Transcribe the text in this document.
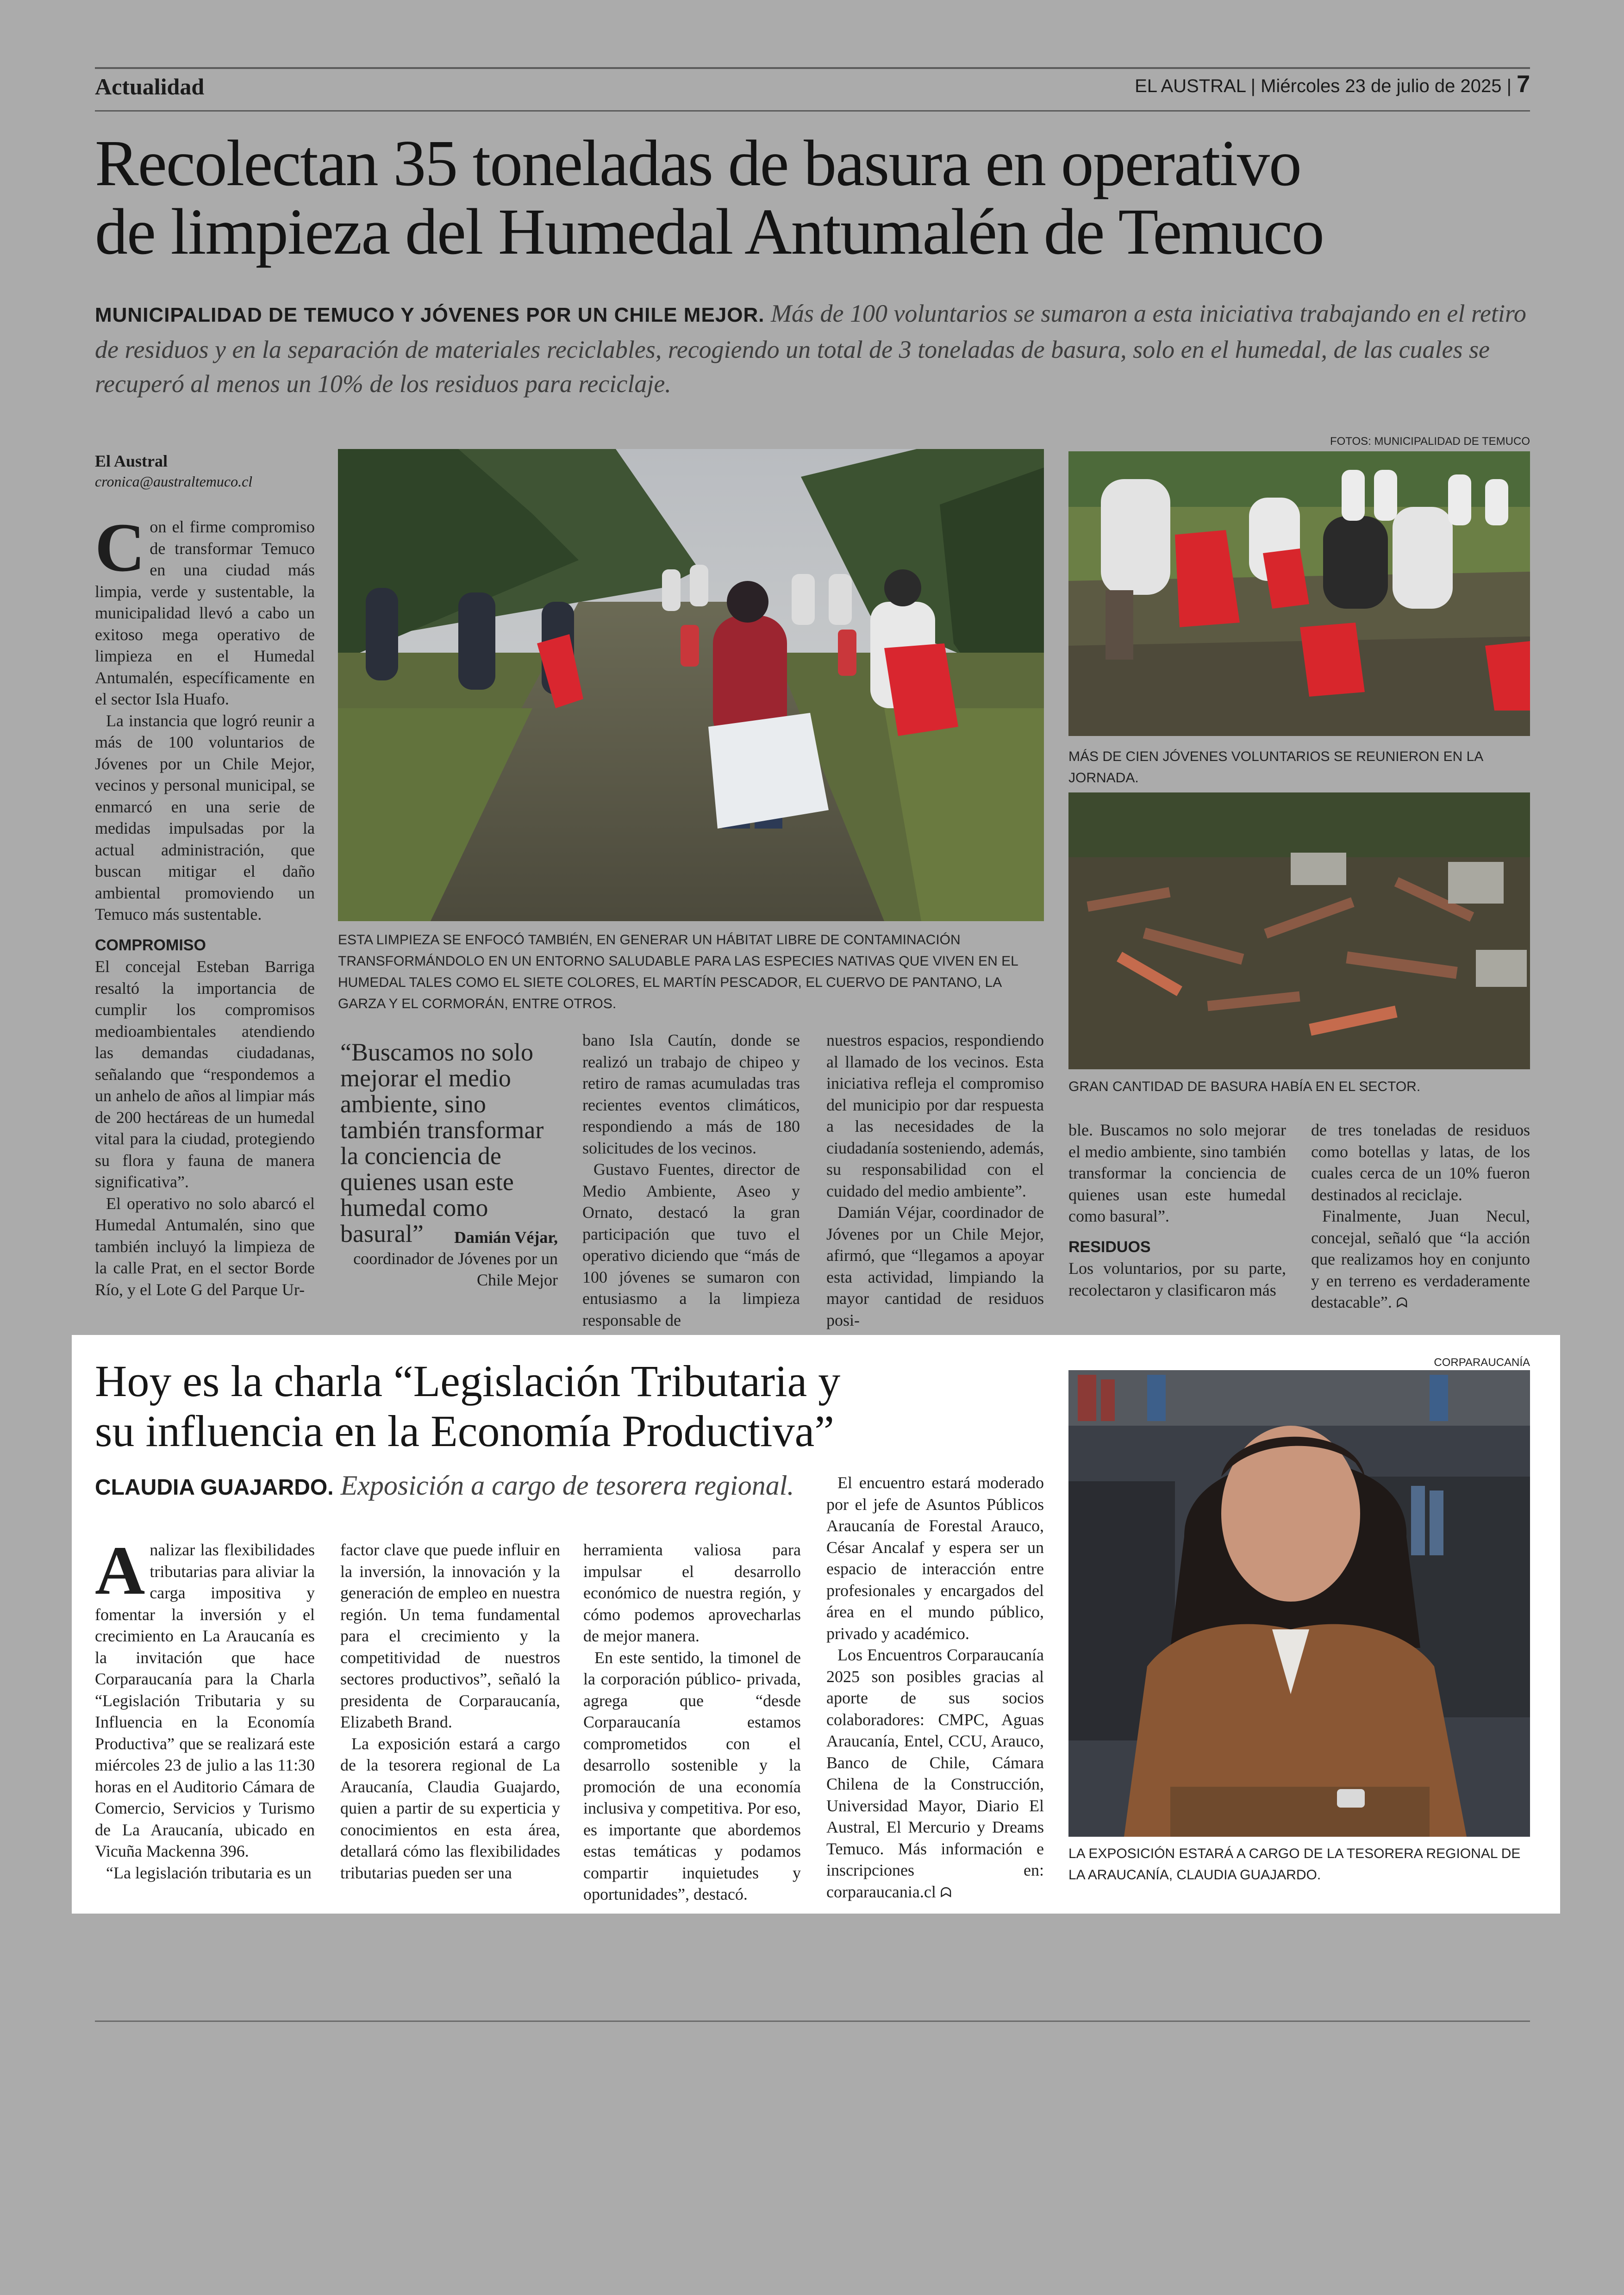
Actualidad	EL AUSTRAL | Miércoles 23 de julio de 2025 | 7
Recolectan 35 toneladas de basura en operativo
de limpieza del Humedal Antumalén de Temuco
MUNICIPALIDAD DE TEMUCO Y JÓVENES POR UN CHILE MEJOR. Más de 100 voluntarios se sumaron a esta iniciativa trabajando en el retiro de residuos y en la separación de materiales reciclables, recogiendo un total de 3 toneladas de basura, solo en el humedal, de las cuales se recuperó al menos un 10% de los residuos para reciclaje.
El Austral
cronica@australtemuco.cl

Con el firme compromiso de transformar Temuco en una ciudad más limpia, verde y sustentable, la municipalidad llevó a cabo un exitoso mega operativo de limpieza en el Humedal Antumalén, específicamente en el sector Isla Huafo.

La instancia que logró reunir a más de 100 voluntarios de Jóvenes por un Chile Mejor, vecinos y personal municipal, se enmarcó en una serie de medidas impulsadas por la actual administración, que buscan mitigar el daño ambiental promoviendo un Temuco más sustentable.

COMPROMISO

El concejal Esteban Barriga resaltó la importancia de cumplir los compromisos medioambientales atendiendo las demandas ciudadanas, señalando que “respondemos a un anhelo de años al limpiar más de 200 hectáreas de un humedal vital para la ciudad, protegiendo su flora y fauna de manera significativa”.

El operativo no solo abarcó el Humedal Antumalén, sino que también incluyó la limpieza de la calle Prat, en el sector Borde Río, y el Lote G del Parque Ur-

ESTA LIMPIEZA SE ENFOCÓ TAMBIÉN, EN GENERAR UN HÁBITAT LIBRE DE CONTAMINACIÓN TRANSFORMÁNDOLO EN UN ENTORNO SALUDABLE PARA LAS ESPECIES NATIVAS QUE VIVEN EN EL HUMEDAL TALES COMO EL SIETE COLORES, EL MARTÍN PESCADOR, EL CUERVO DE PANTANO, LA GARZA Y EL CORMORÁN, ENTRE OTROS.
FOTOS: MUNICIPALIDAD DE TEMUCO
MÁS DE CIEN JÓVENES VOLUNTARIOS SE REUNIERON EN LA JORNADA.
GRAN CANTIDAD DE BASURA HABÍA EN EL SECTOR.
“Buscamos no solo mejorar el medio ambiente, sino también transformar la conciencia de quienes usan este humedal como basural”	Damián Véjar,
coordinador de Jóvenes por un Chile Mejor

bano Isla Cautín, donde se realizó un trabajo de chipeo y retiro de ramas acumuladas tras recientes eventos climáticos, respondiendo a más de 180 solicitudes de los vecinos.

Gustavo Fuentes, director de Medio Ambiente, Aseo y Ornato, destacó la gran participación que tuvo el operativo diciendo que “más de 100 jóvenes se sumaron con entusiasmo a la limpieza responsable de

nuestros espacios, respondiendo al llamado de los vecinos. Esta iniciativa refleja el compromiso del municipio por dar respuesta a las necesidades de la ciudadanía sosteniendo, además, su responsabilidad con el cuidado del medio ambiente”.

Damián Véjar, coordinador de Jóvenes por un Chile Mejor, afirmó, que “llegamos a apoyar esta actividad, limpiando la mayor cantidad de residuos posi-

ble. Buscamos no solo mejorar el medio ambiente, sino también transformar la conciencia de quienes usan este humedal como basural”.

RESIDUOS

Los voluntarios, por su parte, recolectaron y clasificaron más

de tres toneladas de residuos como botellas y latas, de los cuales cerca de un 10% fueron destinados al reciclaje.

Finalmente, Juan Necul, concejal, señaló que “la acción que realizamos hoy en conjunto y en terreno es verdaderamente destacable”. ᗣ

Hoy es la charla “Legislación Tributaria y
su influencia en la Economía Productiva”
CLAUDIA GUAJARDO. Exposición a cargo de tesorera regional.

Analizar las flexibilidades tributarias para aliviar la carga impositiva y fomentar la inversión y el crecimiento en La Araucanía es la invitación que hace Corparaucanía para la Charla “Legislación Tributaria y su Influencia en la Economía Productiva” que se realizará este miércoles 23 de julio a las 11:30 horas en el Auditorio Cámara de Comercio, Servicios y Turismo de La Araucanía, ubicado en Vicuña Mackenna 396.

“La legislación tributaria es un

factor clave que puede influir en la inversión, la innovación y la generación de empleo en nuestra región. Un tema fundamental para el crecimiento y la competitividad de nuestros sectores productivos”, señaló la presidenta de Corparaucanía, Elizabeth Brand.

La exposición estará a cargo de la tesorera regional de La Araucanía, Claudia Guajardo, quien a partir de su experticia y conocimientos en esta área, detallará cómo las flexibilidades tributarias pueden ser una

herramienta valiosa para impulsar el desarrollo económico de nuestra región, y cómo podemos aprovecharlas de mejor manera.

En este sentido, la timonel de la corporación público- privada, agrega que “desde Corparaucanía estamos comprometidos con el desarrollo sostenible y la promoción de una economía inclusiva y competitiva. Por eso, es importante que abordemos estas temáticas y podamos compartir inquietudes y oportunidades”, destacó.

El encuentro estará moderado por el jefe de Asuntos Públicos Araucanía de Forestal Arauco, César Ancalaf y espera ser un espacio de interacción entre profesionales y encargados del área en el mundo público, privado y académico.

Los Encuentros Corparaucanía 2025 son posibles gracias al aporte de sus socios colaboradores: CMPC, Aguas Araucanía, Entel, CCU, Arauco, Banco de Chile, Cámara Chilena de la Construcción, Universidad Mayor, Diario El Austral, El Mercurio y Dreams Temuco. Más información e inscripciones en: corparaucania.cl ᗣ

CORPARAUCANÍA
LA EXPOSICIÓN ESTARÁ A CARGO DE LA TESORERA REGIONAL DE LA ARAUCANÍA, CLAUDIA GUAJARDO.
